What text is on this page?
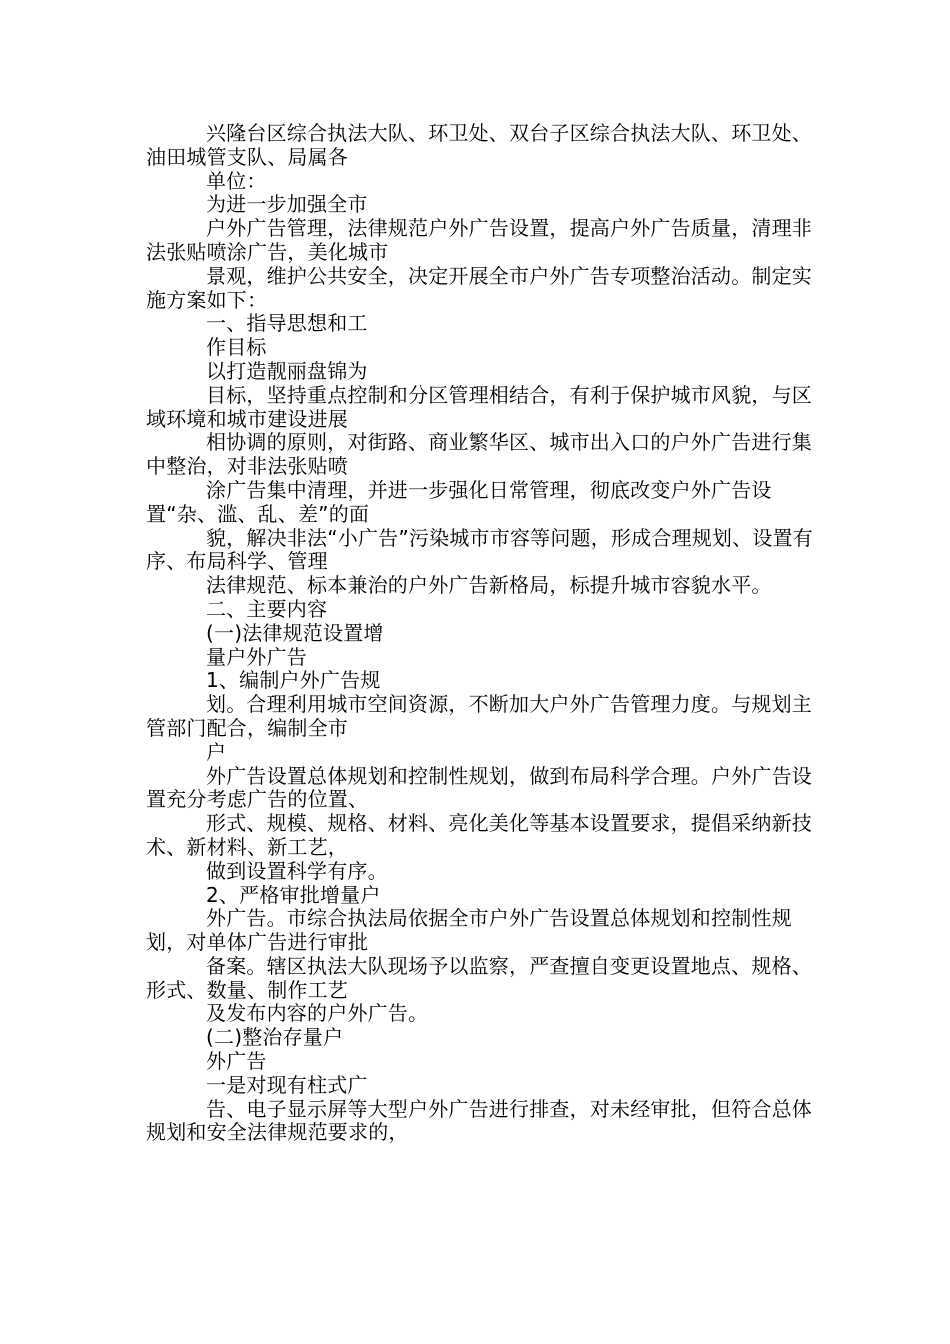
兴隆台区综合执法大队、环卫处、双台子区综合执法大队、环卫处、油田城管支队、局属各

单位：

为进一步加强全市

户外广告管理，法律规范户外广告设置，提高户外广告质量，清理非法张贴喷涂广告，美化城市

景观，维护公共安全，决定开展全市户外广告专项整治活动。制定实施方案如下：

一、指导思想和工

作目标

以打造靓丽盘锦为

目标，坚持重点控制和分区管理相结合，有利于保护城市风貌，与区域环境和城市建设进展

相协调的原则，对街路、商业繁华区、城市出入口的户外广告进行集中整治，对非法张贴喷

涂广告集中清理，并进一步强化日常管理，彻底改变户外广告设置“杂、滥、乱、差”的面

貌，解决非法“小广告”污染城市市容等问题，形成合理规划、设置有序、布局科学、管理

法律规范、标本兼治的户外广告新格局，标提升城市容貌水平。

二、主要内容

(一)法律规范设置增

量户外广告

1、编制户外广告规

划。合理利用城市空间资源，不断加大户外广告管理力度。与规划主管部门配合，编制全市

户

外广告设置总体规划和控制性规划，做到布局科学合理。户外广告设置充分考虑广告的位置、

形式、规模、规格、材料、亮化美化等基本设置要求，提倡采纳新技术、新材料、新工艺，

做到设置科学有序。

2、严格审批增量户

外广告。市综合执法局依据全市户外广告设置总体规划和控制性规划，对单体广告进行审批

备案。辖区执法大队现场予以监察，严查擅自变更设置地点、规格、形式、数量、制作工艺

及发布内容的户外广告。

(二)整治存量户

外广告

一是对现有柱式广

告、电子显示屏等大型户外广告进行排查，对未经审批，但符合总体规划和安全法律规范要求的，
